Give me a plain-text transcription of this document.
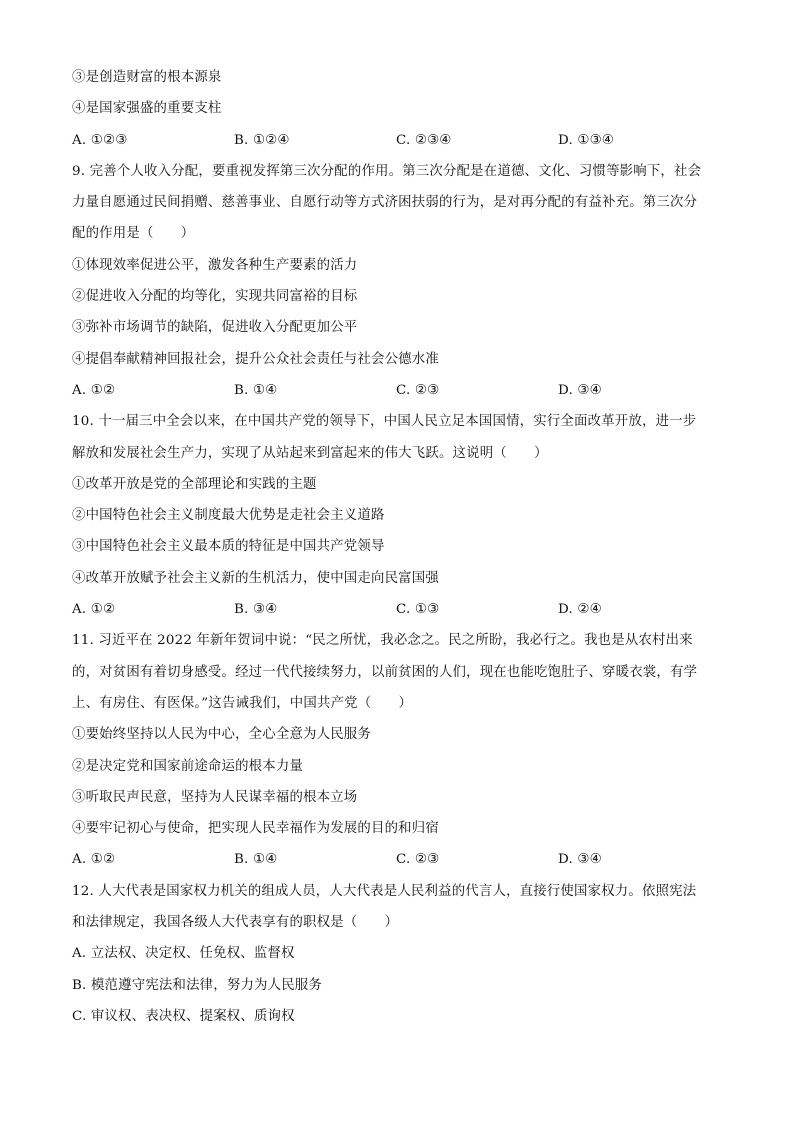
③是创造财富的根本源泉
④是国家强盛的重要支柱
A. ①②③	B. ①②④	C. ②③④	D. ①③④
9. 完善个人收入分配，要重视发挥第三次分配的作用。第三次分配是在道德、文化、习惯等影响下，社会
力量自愿通过民间捐赠、慈善事业、自愿行动等方式济困扶弱的行为，是对再分配的有益补充。第三次分
配的作用是（　　）
①体现效率促进公平，激发各种生产要素的活力
②促进收入分配的均等化，实现共同富裕的目标
③弥补市场调节的缺陷，促进收入分配更加公平
④提倡奉献精神回报社会，提升公众社会责任与社会公德水准
A. ①②	B. ①④	C. ②③	D. ③④
10. 十一届三中全会以来，在中国共产党的领导下，中国人民立足本国国情，实行全面改革开放，进一步
解放和发展社会生产力，实现了从站起来到富起来的伟大飞跃。这说明（　　）
①改革开放是党的全部理论和实践的主题
②中国特色社会主义制度最大优势是走社会主义道路
③中国特色社会主义最本质的特征是中国共产党领导
④改革开放赋予社会主义新的生机活力，使中国走向民富国强
A. ①②	B. ③④	C. ①③	D. ②④
11. 习近平在 2022 年新年贺词中说：“民之所忧，我必念之。民之所盼，我必行之。我也是从农村出来
的，对贫困有着切身感受。经过一代代接续努力，以前贫困的人们，现在也能吃饱肚子、穿暖衣裳，有学
上、有房住、有医保。”这告诫我们，中国共产党（　　）
①要始终坚持以人民为中心，全心全意为人民服务
②是决定党和国家前途命运的根本力量
③听取民声民意，坚持为人民谋幸福的根本立场
④要牢记初心与使命，把实现人民幸福作为发展的目的和归宿
A. ①②	B. ①④	C. ②③	D. ③④
12. 人大代表是国家权力机关的组成人员，人大代表是人民利益的代言人，直接行使国家权力。依照宪法
和法律规定，我国各级人大代表享有的职权是（　　）
A. 立法权、决定权、任免权、监督权
B. 模范遵守宪法和法律，努力为人民服务
C. 审议权、表决权、提案权、质询权
